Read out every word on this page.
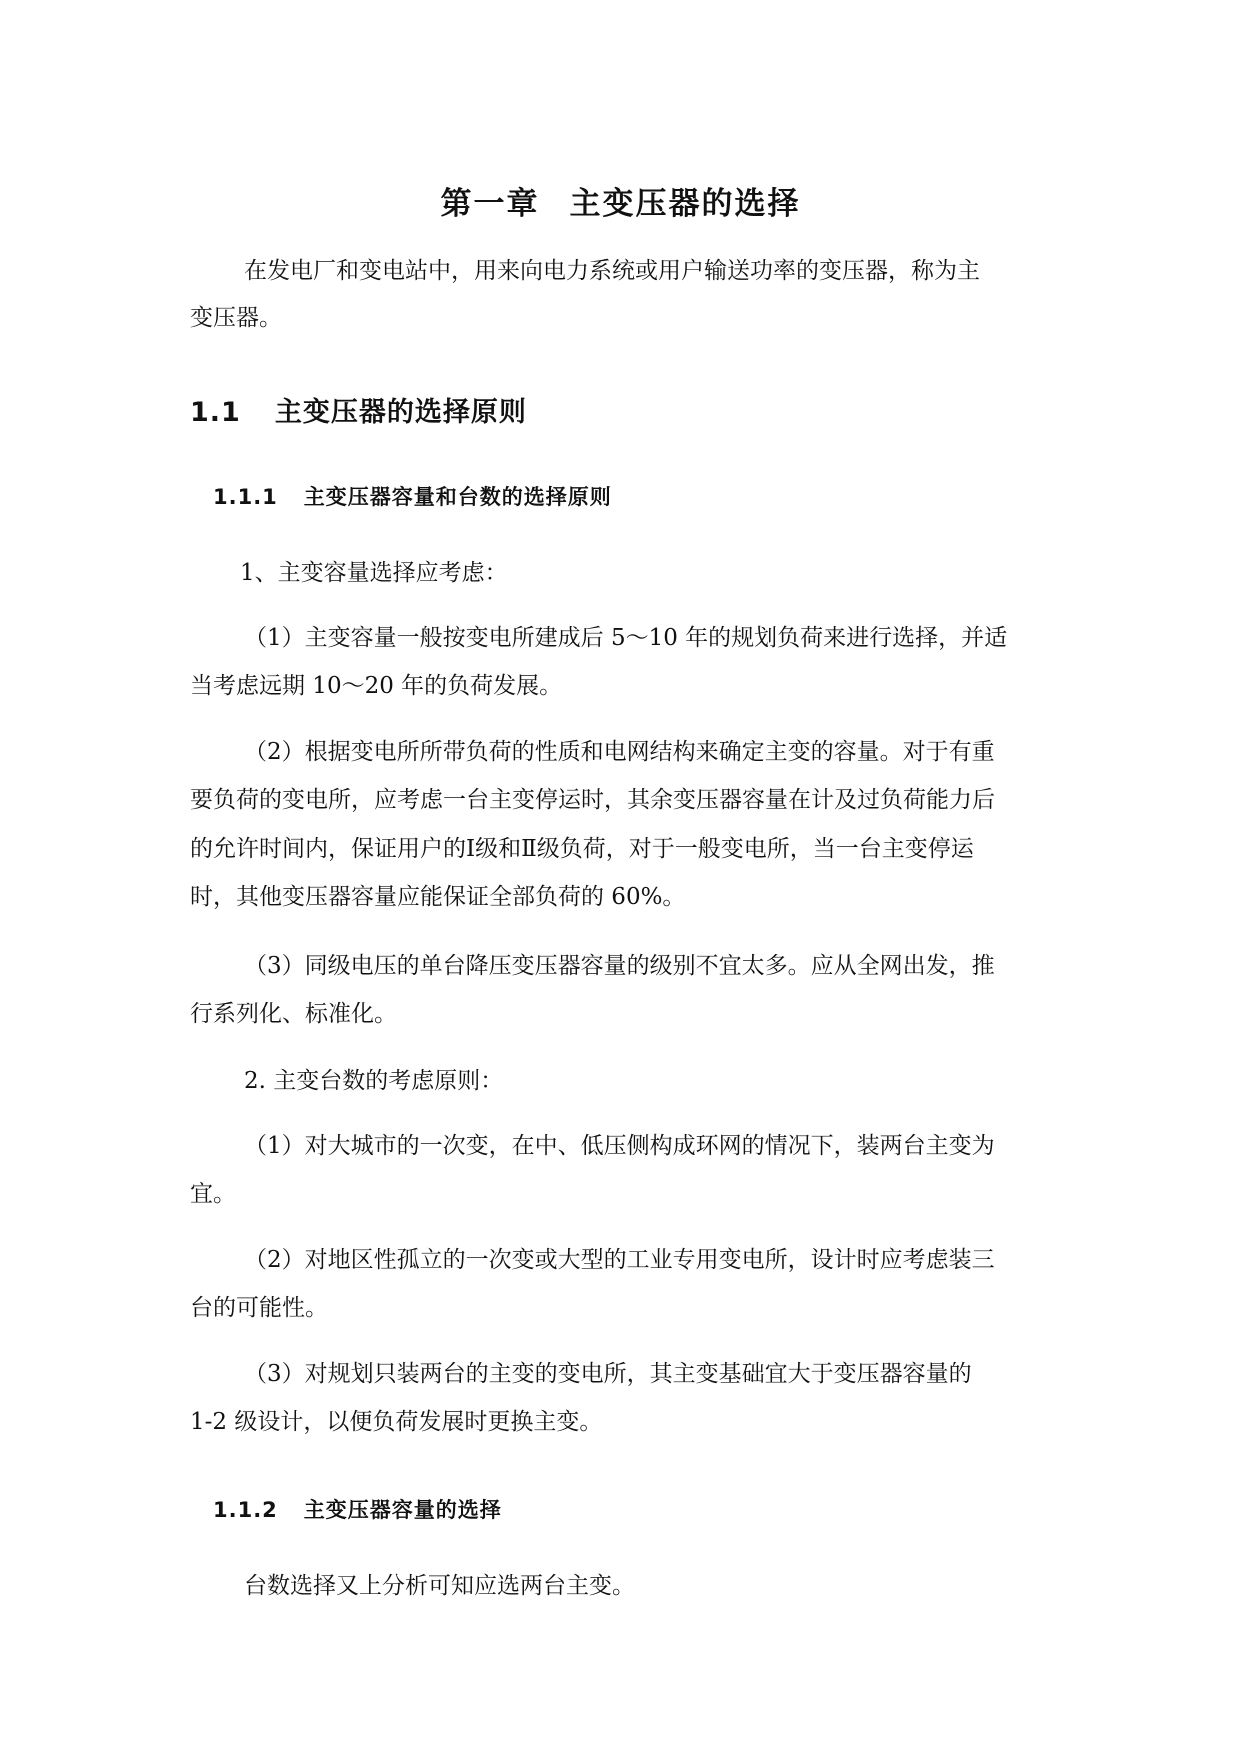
第一章 主变压器的选择

在发电厂和变电站中，用来向电力系统或用户输送功率的变压器，称为主

变压器。

1.1 主变压器的选择原则
1.1.1 主变压器容量和台数的选择原则

1、主变容量选择应考虑：

（1）主变容量一般按变电所建成后 5～10 年的规划负荷来进行选择，并适

当考虑远期 10～20 年的负荷发展。

（2）根据变电所所带负荷的性质和电网结构来确定主变的容量。对于有重

要负荷的变电所，应考虑一台主变停运时，其余变压器容量在计及过负荷能力后

的允许时间内，保证用户的Ⅰ级和Ⅱ级负荷，对于一般变电所，当一台主变停运

时，其他变压器容量应能保证全部负荷的 60%。

（3）同级电压的单台降压变压器容量的级别不宜太多。应从全网出发，推

行系列化、标准化。

2. 主变台数的考虑原则：

（1）对大城市的一次变，在中、低压侧构成环网的情况下，装两台主变为

宜。

（2）对地区性孤立的一次变或大型的工业专用变电所，设计时应考虑装三

台的可能性。

（3）对规划只装两台的主变的变电所，其主变基础宜大于变压器容量的

1-2 级设计，以便负荷发展时更换主变。

1.1.2 主变压器容量的选择

台数选择又上分析可知应选两台主变。
